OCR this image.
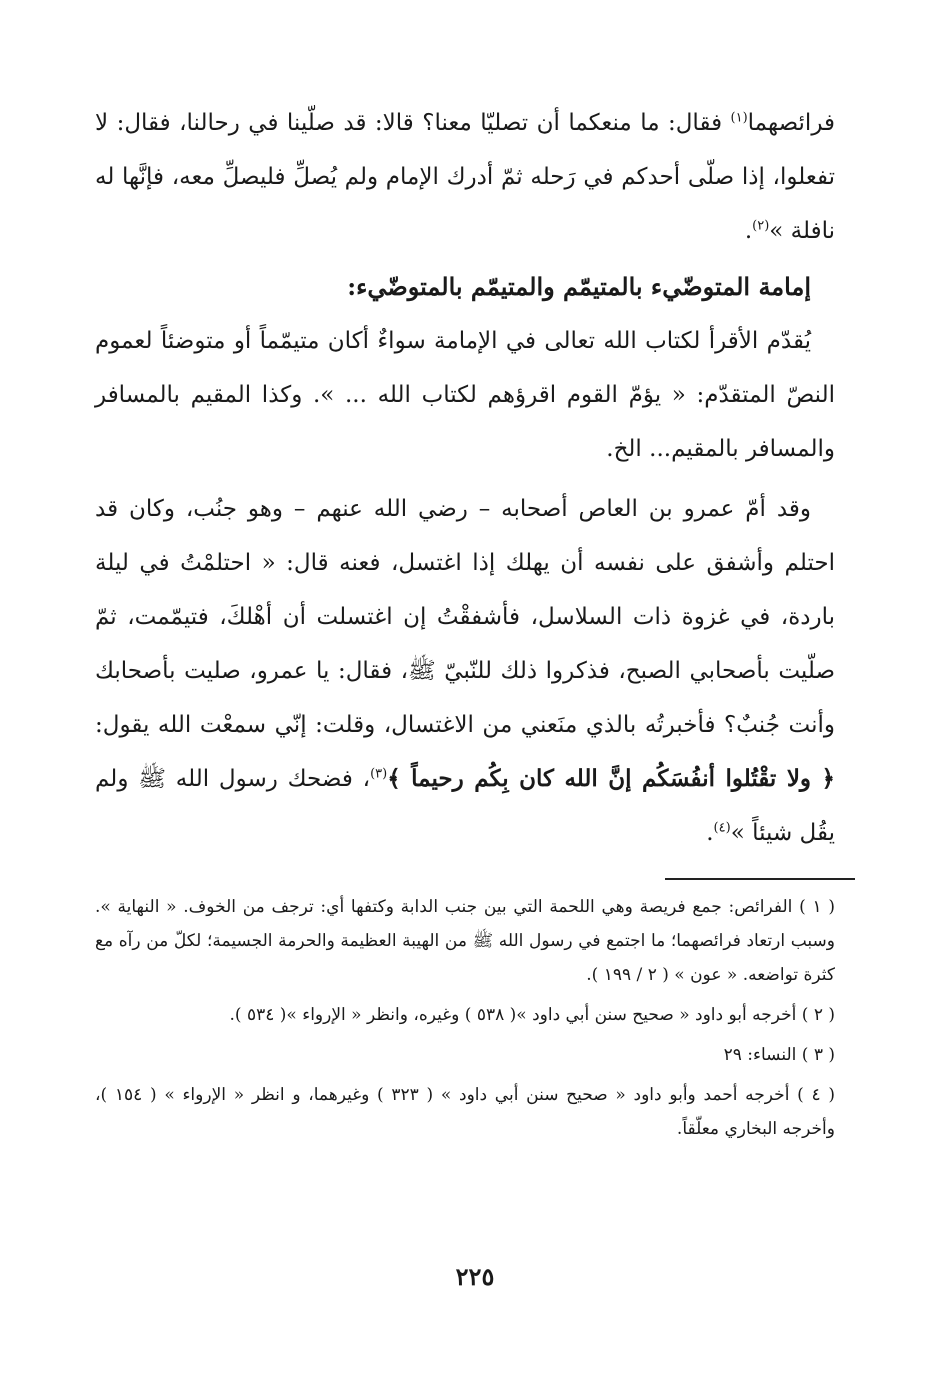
فرائصهما$^{(١)}$ فقال: ما منعكما أن تصليّا معنا؟ قالا: قد صلّينا في رحالنا، فقال: لا تفعلوا، إذا صلّى أحدكم في رَحله ثمّ أدرك الإمام ولم يُصلِّ فليصلِّ معه، فإنَّها له نافلة »$^{(٢)}$.

إمامة المتوضّيء بالمتيمّم والمتيمّم بالمتوضّيء:

يُقدّم الأقرأ لكتاب الله تعالى في الإمامة سواءٌ أكان متيمّماً أو متوضئاً لعموم النصّ المتقدّم: « يؤمّ القوم اقرؤهم لكتاب الله ... ». وكذا المقيم بالمسافر والمسافر بالمقيم... الخ.

وقد أمّ عمرو بن العاص أصحابه – رضي الله عنهم – وهو جنُب، وكان قد احتلم وأشفق على نفسه أن يهلك إذا اغتسل، فعنه قال: « احتلمْتُ في ليلة باردة، في غزوة ذات السلاسل، فأشفقْتُ إن اغتسلت أن أهْلكَ، فتيمّمت، ثمّ صلّيت بأصحابي الصبح، فذكروا ذلك للنّبيّ ﷺ، فقال: يا عمرو، صليت بأصحابك وأنت جُنبٌ؟ فأخبرتُه بالذي منَعني من الاغتسال، وقلت: إنّي سمعْت الله يقول: ﴿ ولا تقْتُلوا أنفُسَكُم إنَّ الله كان بِكُم رحيماً ﴾$^{(٣)}$، فضحك رسول الله ﷺ ولم يقُل شيئاً »$^{(٤)}$.

( ١ ) الفرائص: جمع فريصة وهي اللحمة التي بين جنب الدابة وكتفها أي: ترجف من الخوف. « النهاية ». وسبب ارتعاد فرائصهما؛ ما اجتمع في رسول الله ﷺ من الهيبة العظيمة والحرمة الجسيمة؛ لكلّ من رآه مع كثرة تواضعه. « عون » ( ٢ / ١٩٩ ).

( ٢ ) أخرجه أبو داود « صحيح سنن أبي داود »( ٥٣٨ ) وغيره، وانظر « الإرواء »( ٥٣٤ ).

( ٣ ) النساء: ٢٩

( ٤ ) أخرجه أحمد وأبو داود « صحيح سنن أبي داود » ( ٣٢٣ ) وغيرهما، و انظر « الإرواء » ( ١٥٤ )، وأخرجه البخاري معلّقاً.

٢٢٥
